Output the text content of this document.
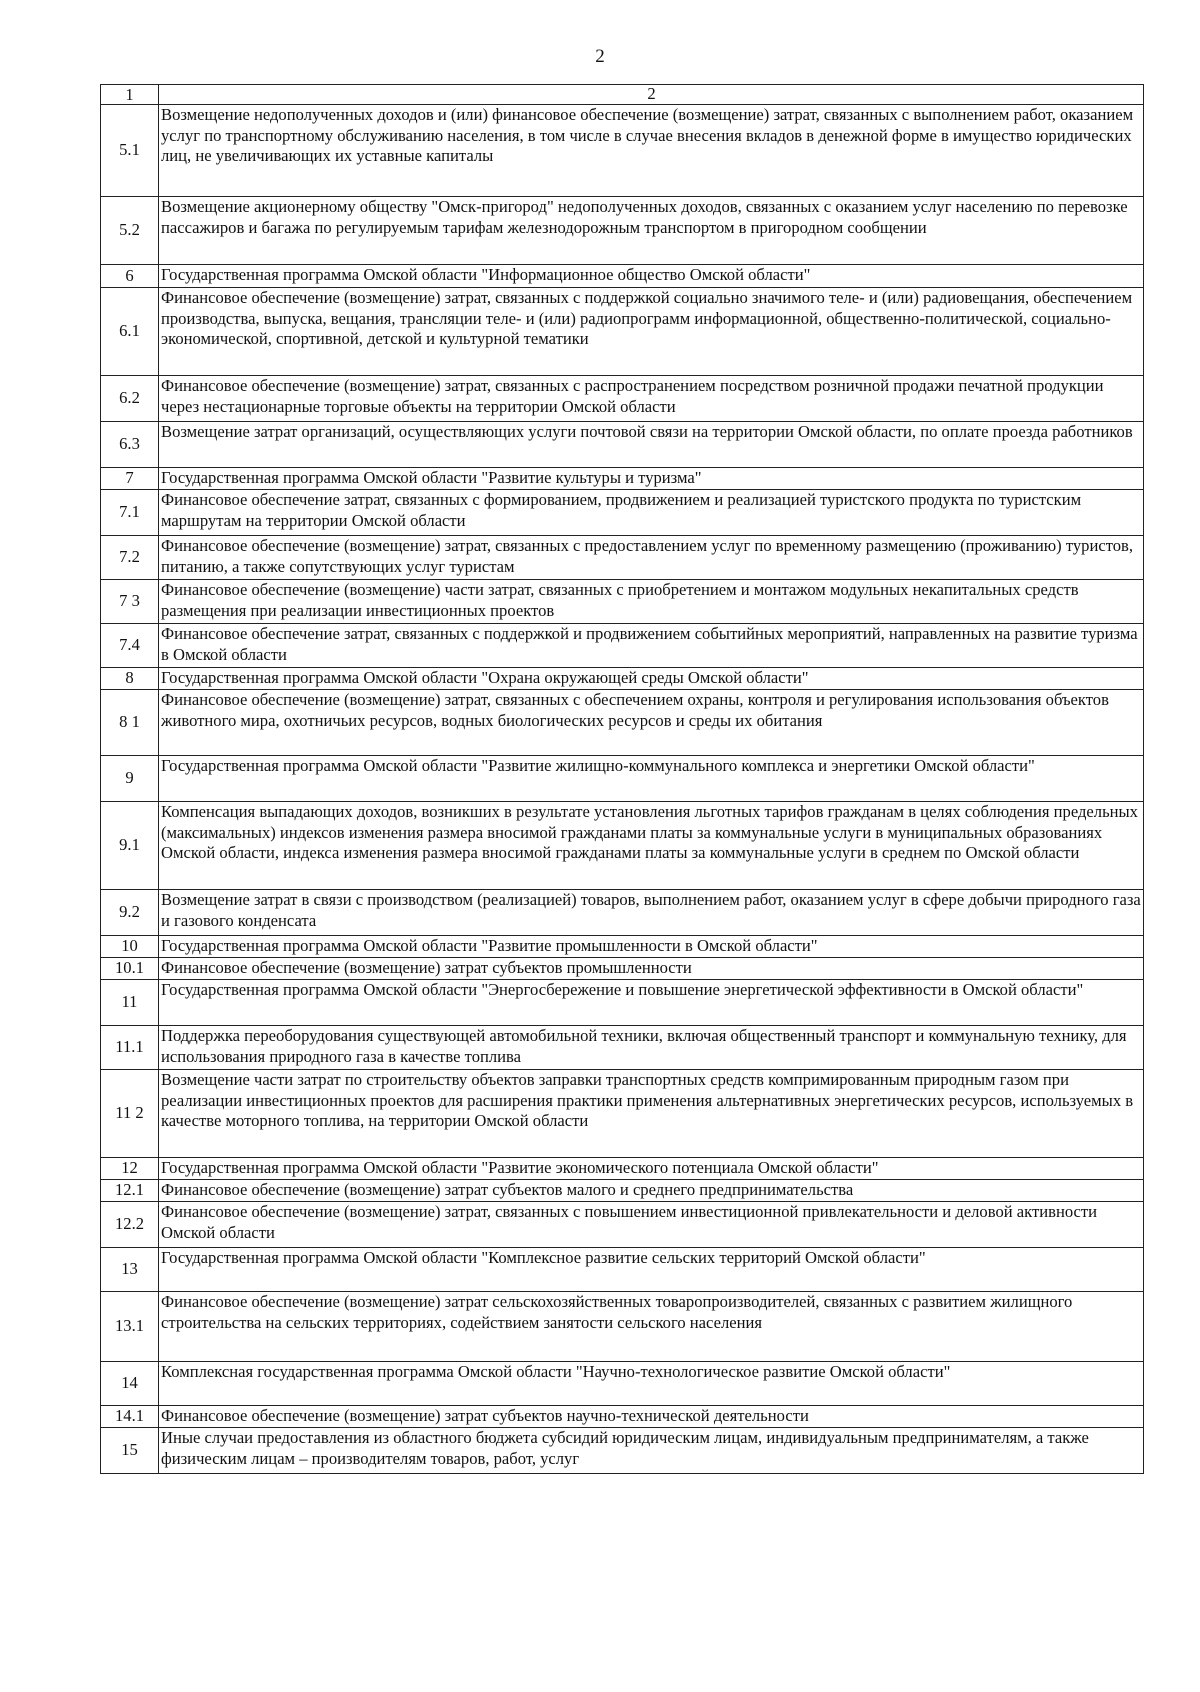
2
1	2
5.1	Возмещение недополученных доходов и (или) финансовое обеспечение (возмещение) затрат, связанных с выполнением работ, оказанием услуг по транспортному обслуживанию населения, в том числе в случае внесения вкладов в денежной форме в имущество юридических лиц, не увеличивающих их уставные капиталы
5.2	Возмещение акционерному обществу "Омск-пригород" недополученных доходов, связанных с оказанием услуг населению по перевозке пассажиров и багажа по регулируемым тарифам железнодорожным транспортом в пригородном сообщении
6	Государственная программа Омской области "Информационное общество Омской области"
6.1	Финансовое обеспечение (возмещение) затрат, связанных с поддержкой социально значимого теле- и (или) радиовещания, обеспечением производства, выпуска, вещания, трансляции теле- и (или) радиопрограмм информационной, общественно-политической, социально-экономической, спортивной, детской и культурной тематики
6.2	Финансовое обеспечение (возмещение) затрат, связанных с распространением посредством розничной продажи печатной продукции через нестационарные торговые объекты на территории Омской области
6.3	Возмещение затрат организаций, осуществляющих услуги почтовой связи на территории Омской области, по оплате проезда работников
7	Государственная программа Омской области "Развитие культуры и туризма"
7.1	Финансовое обеспечение затрат, связанных с формированием, продвижением и реализацией туристского продукта по туристским маршрутам на территории Омской области
7.2	Финансовое обеспечение (возмещение) затрат, связанных с предоставлением услуг по временному размещению (проживанию) туристов, питанию, а также сопутствующих услуг туристам
7 3	Финансовое обеспечение (возмещение) части затрат, связанных с приобретением и монтажом модульных некапитальных средств размещения при реализации инвестиционных проектов
7.4	Финансовое обеспечение затрат, связанных с поддержкой и продвижением событийных мероприятий, направленных на развитие туризма в Омской области
8	Государственная программа Омской области "Охрана окружающей среды Омской области"
8 1	Финансовое обеспечение (возмещение) затрат, связанных с обеспечением охраны, контроля и регулирования использования объектов животного мира, охотничьих ресурсов, водных биологических ресурсов и среды их обитания
9	Государственная программа Омской области "Развитие жилищно-коммунального комплекса и энергетики Омской области"
9.1	Компенсация выпадающих доходов, возникших в результате установления льготных тарифов гражданам в целях соблюдения предельных (максимальных) индексов изменения размера вносимой гражданами платы за коммунальные услуги в муниципальных образованиях Омской области, индекса изменения размера вносимой гражданами платы за коммунальные услуги в среднем по Омской области
9.2	Возмещение затрат в связи с производством (реализацией) товаров, выполнением работ, оказанием услуг в сфере добычи природного газа и газового конденсата
10	Государственная программа Омской области "Развитие промышленности в Омской области"
10.1	Финансовое обеспечение (возмещение) затрат субъектов промышленности
11	Государственная программа Омской области "Энергосбережение и повышение энергетической эффективности в Омской области"
11.1	Поддержка переоборудования существующей автомобильной техники, включая общественный транспорт и коммунальную технику, для использования природного газа в качестве топлива
11 2	Возмещение части затрат по строительству объектов заправки транспортных средств компримированным природным газом при реализации инвестиционных проектов для расширения практики применения альтернативных энергетических ресурсов, используемых в качестве моторного топлива, на территории Омской области
12	Государственная программа Омской области "Развитие экономического потенциала Омской области"
12.1	Финансовое обеспечение (возмещение) затрат субъектов малого и среднего предпринимательства
12.2	Финансовое обеспечение (возмещение) затрат, связанных с повышением инвестиционной привлекательности и деловой активности Омской области
13	Государственная программа Омской области "Комплексное развитие сельских территорий Омской области"
13.1	Финансовое обеспечение (возмещение) затрат сельскохозяйственных товаропроизводителей, связанных с развитием жилищного строительства на сельских территориях, содействием занятости сельского населения
14	Комплексная государственная программа Омской области "Научно-технологическое развитие Омской области"
14.1	Финансовое обеспечение (возмещение) затрат субъектов научно-технической деятельности
15	Иные случаи предоставления из областного бюджета субсидий юридическим лицам, индивидуальным предпринимателям, а также физическим лицам – производителям товаров, работ, услуг
